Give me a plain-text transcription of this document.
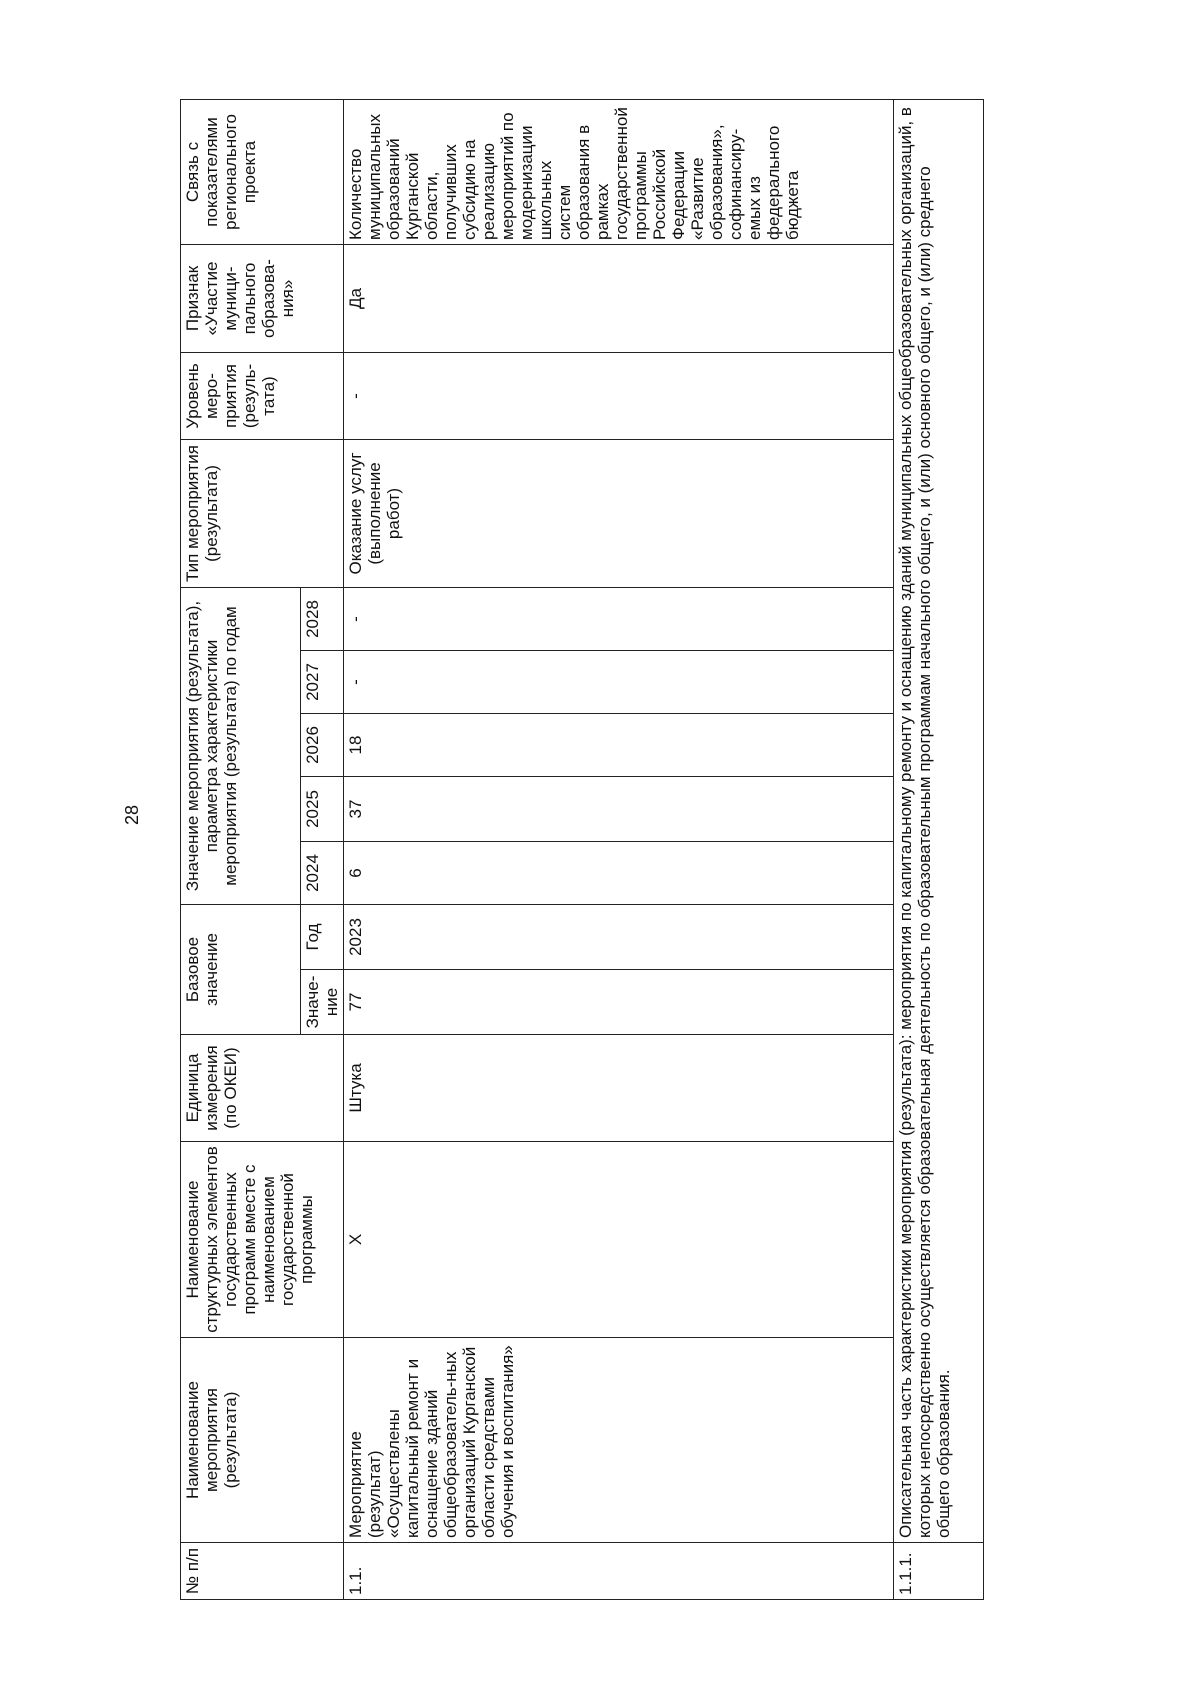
28
№ п/п	Наименование мероприятия (результата)	Наименование структурных элементов государственных программ вместе с наименованием государственной программы	Единица измерения (по ОКЕИ)	Базовое значение		Значение мероприятия (результата), параметра характеристики мероприятия (результата) по годам					Тип мероприятия (результата)	Уровень меро-приятия (резуль-тата)	Признак «Участие муници-пального образова-ния»	Связь с показателями регионального проекта
				Значе-ние	Год	2024	2025	2026	2027	2028				
1.1.	Мероприятие (результат) «Осуществлены капитальный ремонт и оснащение зданий общеобразователь-ных организаций Курганской области средствами обучения и воспитания»	Х	Штука	77	2023	6	37	18	-	-	Оказание услуг (выполнение работ)	-	Да	Количество муниципальных образований Курганской области, получивших субсидию на реализацию мероприятий по модернизации школьных систем образования в рамках государственной программы Российской Федерации «Развитие образования», софинансиру-емых из федерального бюджета
1.1.1.	Описательная часть характеристики мероприятия (результата): мероприятия по капитальному ремонту и оснащению зданий муниципальных общеобразовательных организаций, в которых непосредственно осуществляется образовательная деятельность по образовательным программам начального общего, и (или) основного общего, и (или) среднего общего образования.													
